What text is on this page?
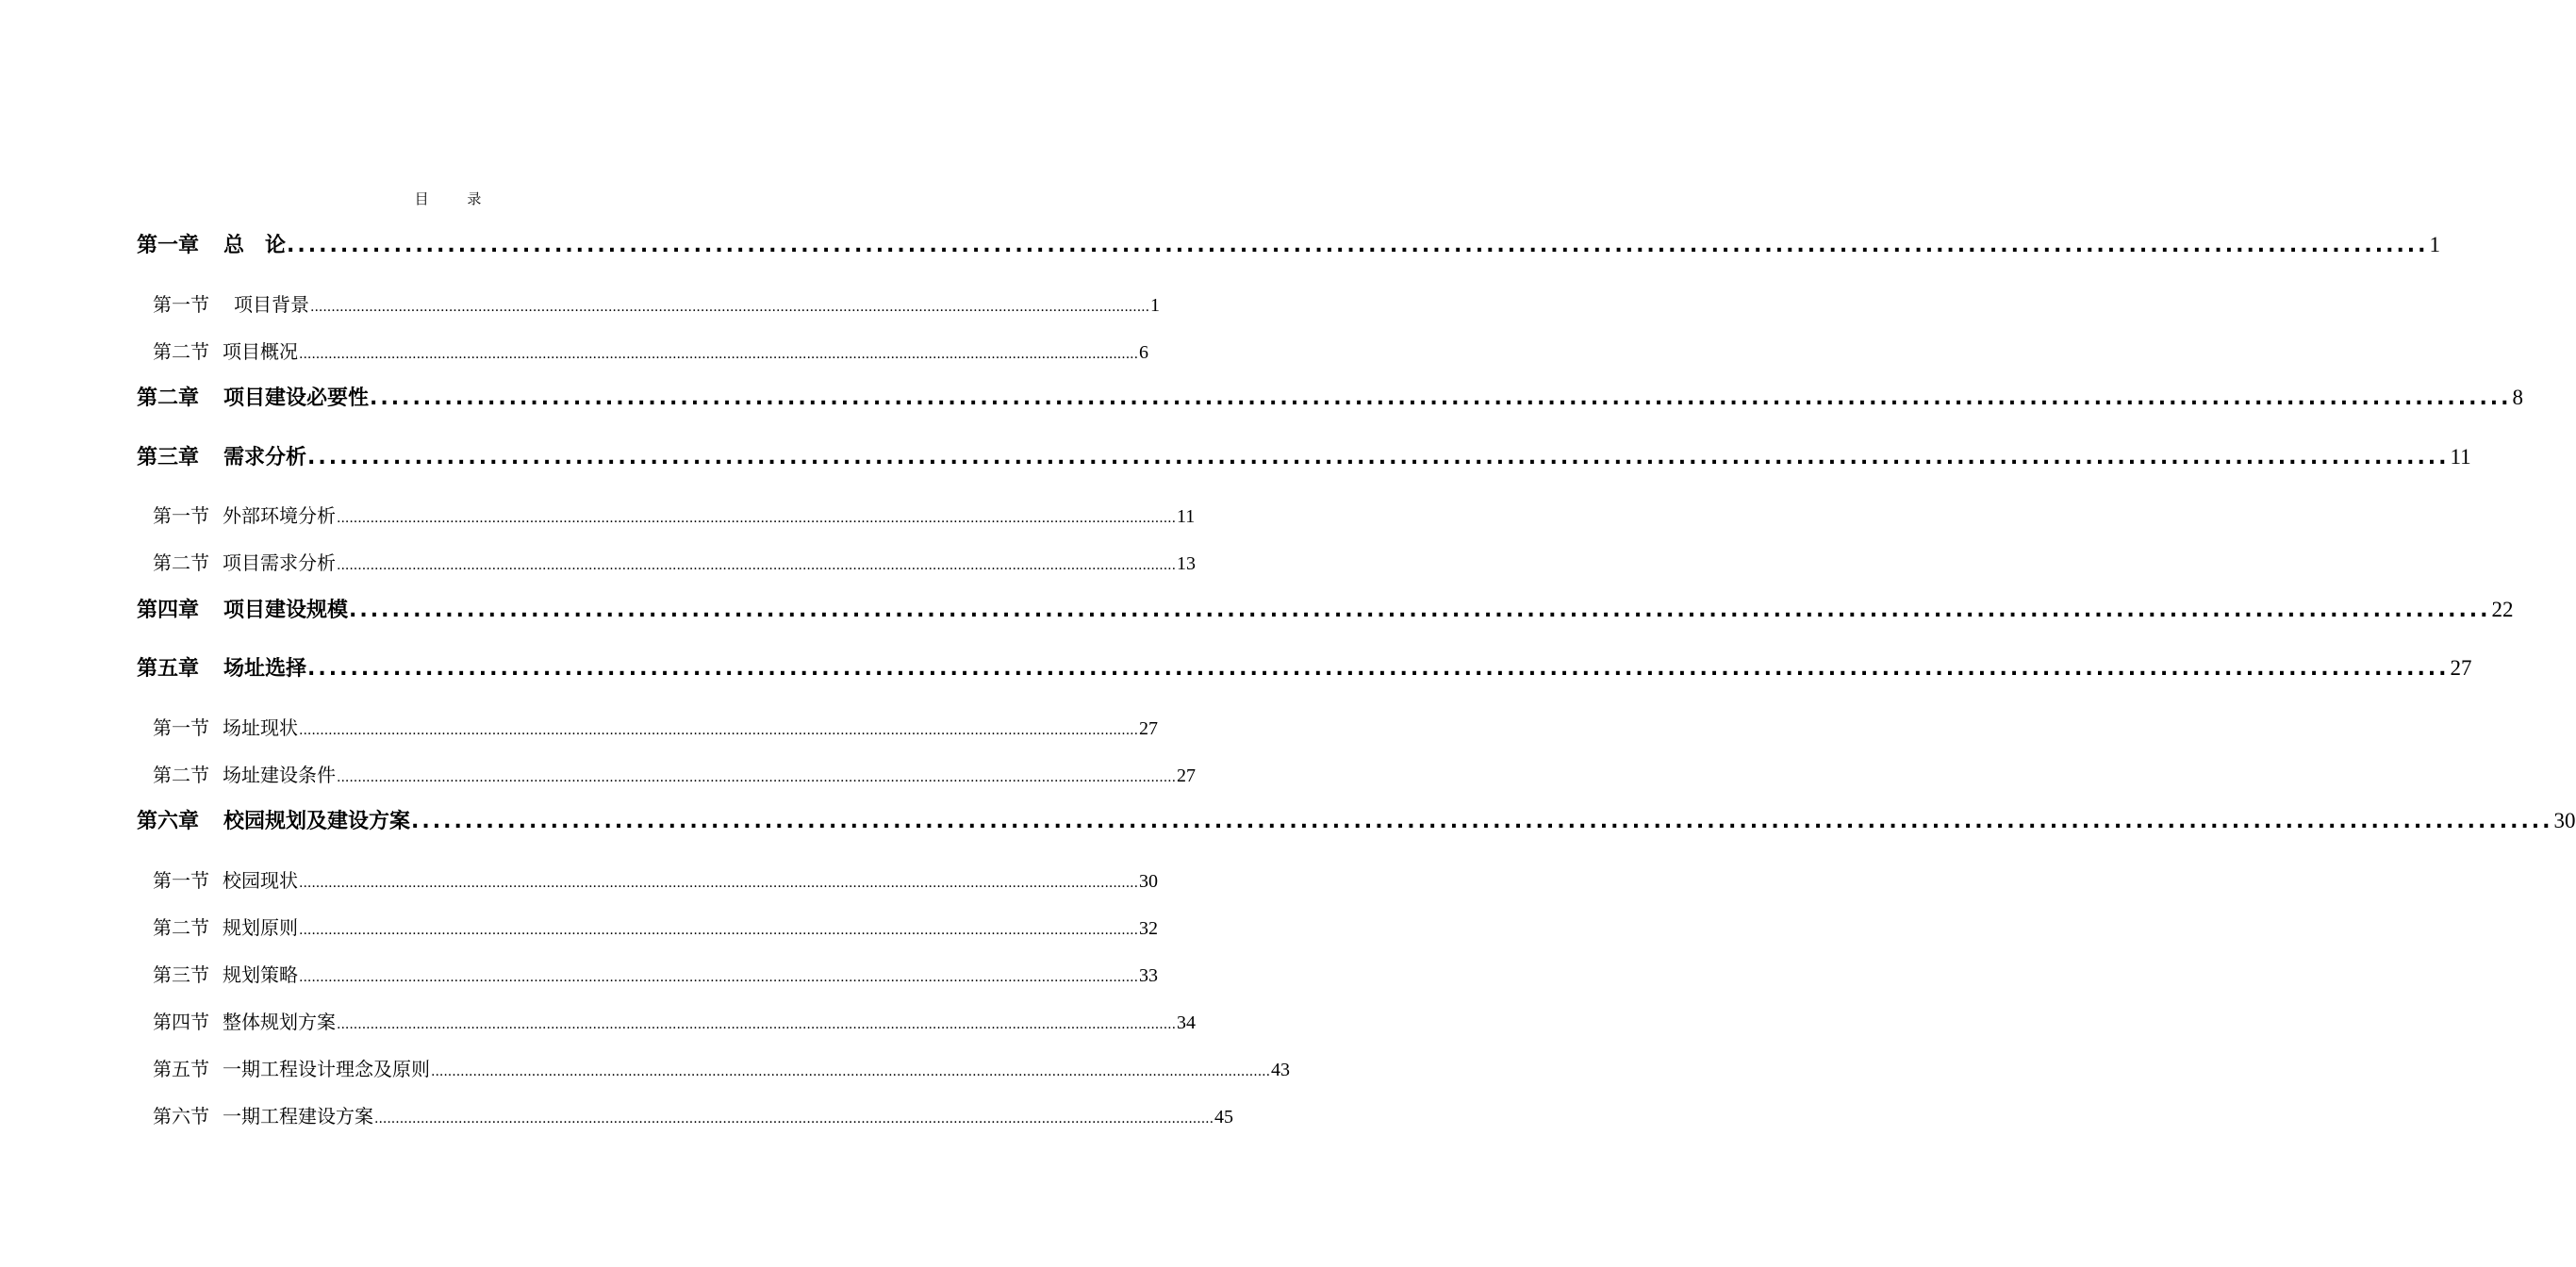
目 录
第一章 总　论 ........................................................................................................................................................................................................ 1
第一节 项目背景 ........................................................................................................................................................................................................ 1
第二节 项目概况 ........................................................................................................................................................................................................ 6
第二章 项目建设必要性 ........................................................................................................................................................................................................ 8
第三章 需求分析 ........................................................................................................................................................................................................ 11
第一节 外部环境分析 ........................................................................................................................................................................................................ 11
第二节 项目需求分析 ........................................................................................................................................................................................................ 13
第四章 项目建设规模 ........................................................................................................................................................................................................ 22
第五章 场址选择 ........................................................................................................................................................................................................ 27
第一节 场址现状 ........................................................................................................................................................................................................ 27
第二节 场址建设条件 ........................................................................................................................................................................................................ 27
第六章 校园规划及建设方案 ........................................................................................................................................................................................................ 30
第一节 校园现状 ........................................................................................................................................................................................................ 30
第二节 规划原则 ........................................................................................................................................................................................................ 32
第三节 规划策略 ........................................................................................................................................................................................................ 33
第四节 整体规划方案 ........................................................................................................................................................................................................ 34
第五节 一期工程设计理念及原则 ........................................................................................................................................................................................................ 43
第六节 一期工程建设方案 ........................................................................................................................................................................................................ 45
